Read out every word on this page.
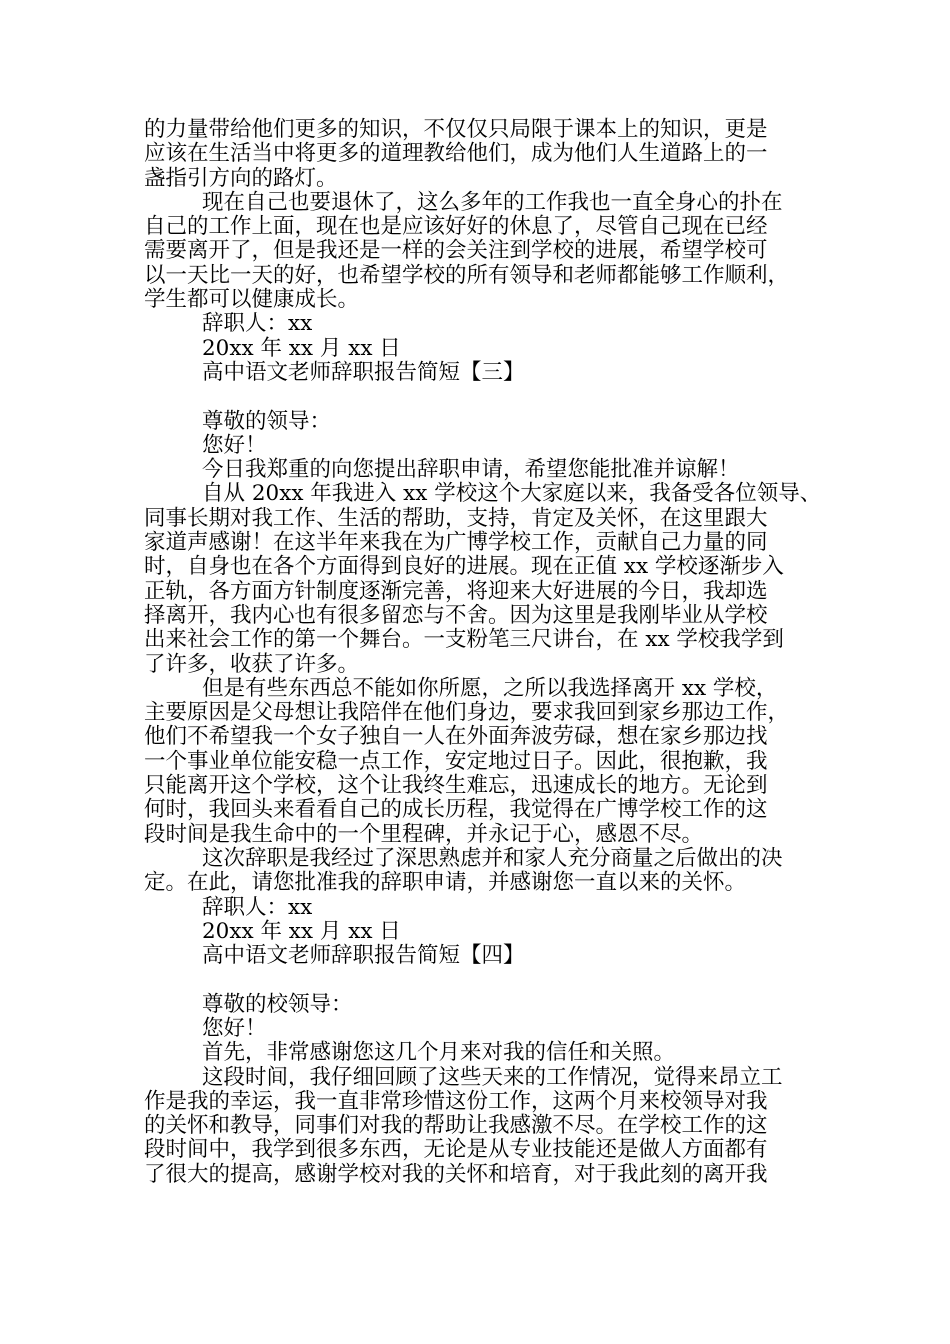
的力量带给他们更多的知识，不仅仅只局限于课本上的知识，更是
应该在生活当中将更多的道理教给他们，成为他们人生道路上的一
盏指引方向的路灯。
现在自己也要退休了，这么多年的工作我也一直全身心的扑在
自己的工作上面，现在也是应该好好的休息了，尽管自己现在已经
需要离开了，但是我还是一样的会关注到学校的进展，希望学校可
以一天比一天的好，也希望学校的所有领导和老师都能够工作顺利，
学生都可以健康成长。
辞职人：xx
20xx 年 xx 月 xx 日
高中语文老师辞职报告简短【三】
尊敬的领导：
您好！
今日我郑重的向您提出辞职申请，希望您能批准并谅解！
自从 20xx 年我进入 xx 学校这个大家庭以来，我备受各位领导、
同事长期对我工作、生活的帮助，支持，肯定及关怀，在这里跟大
家道声感谢！在这半年来我在为广博学校工作，贡献自己力量的同
时，自身也在各个方面得到良好的进展。现在正值 xx 学校逐渐步入
正轨，各方面方针制度逐渐完善，将迎来大好进展的今日，我却选
择离开，我内心也有很多留恋与不舍。因为这里是我刚毕业从学校
出来社会工作的第一个舞台。一支粉笔三尺讲台，在 xx 学校我学到
了许多，收获了许多。
但是有些东西总不能如你所愿，之所以我选择离开 xx 学校，
主要原因是父母想让我陪伴在他们身边，要求我回到家乡那边工作，
他们不希望我一个女子独自一人在外面奔波劳碌，想在家乡那边找
一个事业单位能安稳一点工作，安定地过日子。因此，很抱歉，我
只能离开这个学校，这个让我终生难忘，迅速成长的地方。无论到
何时，我回头来看看自己的成长历程，我觉得在广博学校工作的这
段时间是我生命中的一个里程碑，并永记于心，感恩不尽。
这次辞职是我经过了深思熟虑并和家人充分商量之后做出的决
定。在此，请您批准我的辞职申请，并感谢您一直以来的关怀。
辞职人：xx
20xx 年 xx 月 xx 日
高中语文老师辞职报告简短【四】
尊敬的校领导：
您好！
首先，非常感谢您这几个月来对我的信任和关照。
这段时间，我仔细回顾了这些天来的工作情况，觉得来昂立工
作是我的幸运，我一直非常珍惜这份工作，这两个月来校领导对我
的关怀和教导，同事们对我的帮助让我感激不尽。在学校工作的这
段时间中，我学到很多东西，无论是从专业技能还是做人方面都有
了很大的提高，感谢学校对我的关怀和培育，对于我此刻的离开我
